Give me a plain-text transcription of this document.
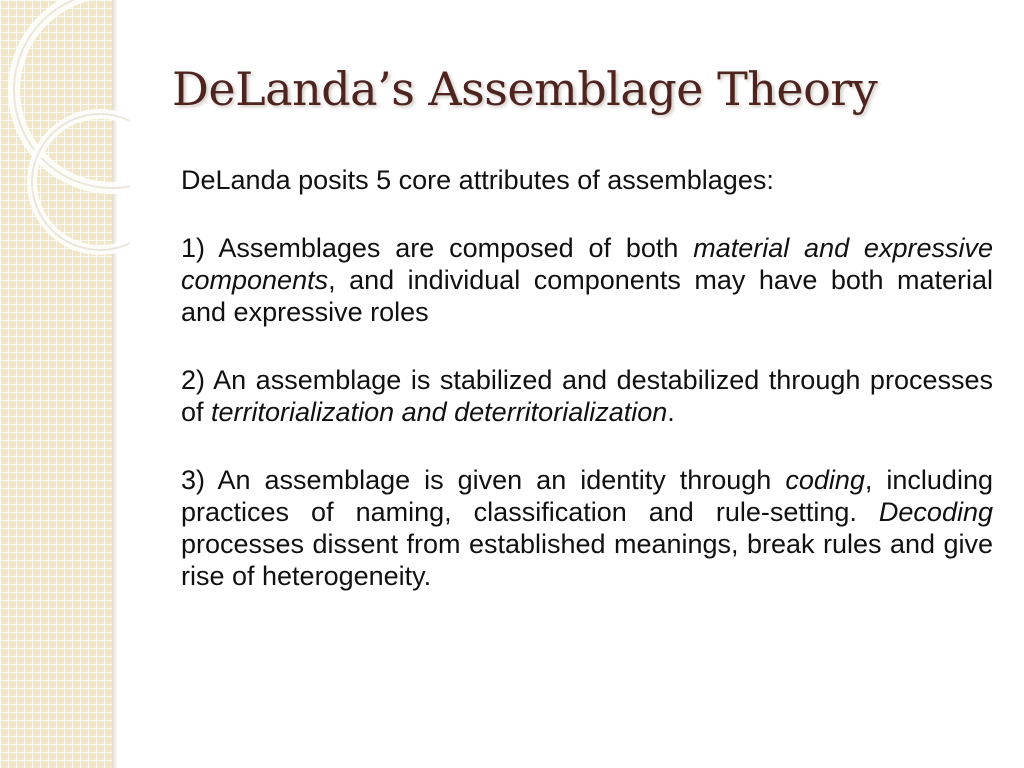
DeLanda’s Assemblage Theory

DeLanda posits 5 core attributes of assemblages:

1) Assemblages are composed of both material and expressive components, and individual components may have both material and expressive roles

2) An assemblage is stabilized and destabilized through processes of territorialization and deterritorialization.

3) An assemblage is given an identity through coding, including practices of naming, classification and rule-setting. Decoding processes dissent from established meanings, break rules and give rise of heterogeneity.
